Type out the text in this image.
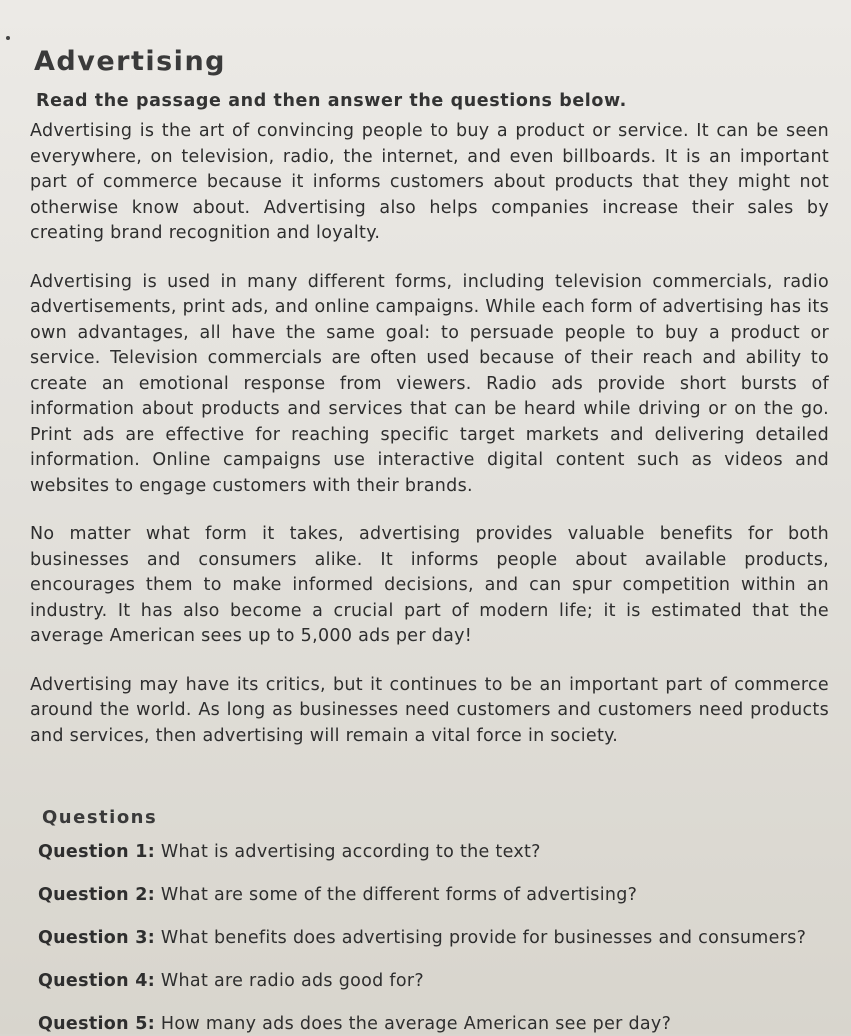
Advertising
Read the passage and then answer the questions below.

Advertising is the art of convincing people to buy a product or service. It can be seen everywhere, on television, radio, the internet, and even billboards. It is an important part of commerce because it informs customers about products that they might not otherwise know about. Advertising also helps companies increase their sales by creating brand recognition and loyalty.

Advertising is used in many different forms, including television commercials, radio advertisements, print ads, and online campaigns. While each form of advertising has its own advantages, all have the same goal: to persuade people to buy a product or service. Television commercials are often used because of their reach and ability to create an emotional response from viewers. Radio ads provide short bursts of information about products and services that can be heard while driving or on the go. Print ads are effective for reaching specific target markets and delivering detailed information. Online campaigns use interactive digital content such as videos and websites to engage customers with their brands.

No matter what form it takes, advertising provides valuable benefits for both businesses and consumers alike. It informs people about available products, encourages them to make informed decisions, and can spur competition within an industry. It has also become a crucial part of modern life; it is estimated that the average American sees up to 5,000 ads per day!

Advertising may have its critics, but it continues to be an important part of commerce around the world. As long as businesses need customers and customers need products and services, then advertising will remain a vital force in society.

Questions
Question 1: What is advertising according to the text?
Question 2: What are some of the different forms of advertising?
Question 3: What benefits does advertising provide for businesses and consumers?
Question 4: What are radio ads good for?
Question 5: How many ads does the average American see per day?
